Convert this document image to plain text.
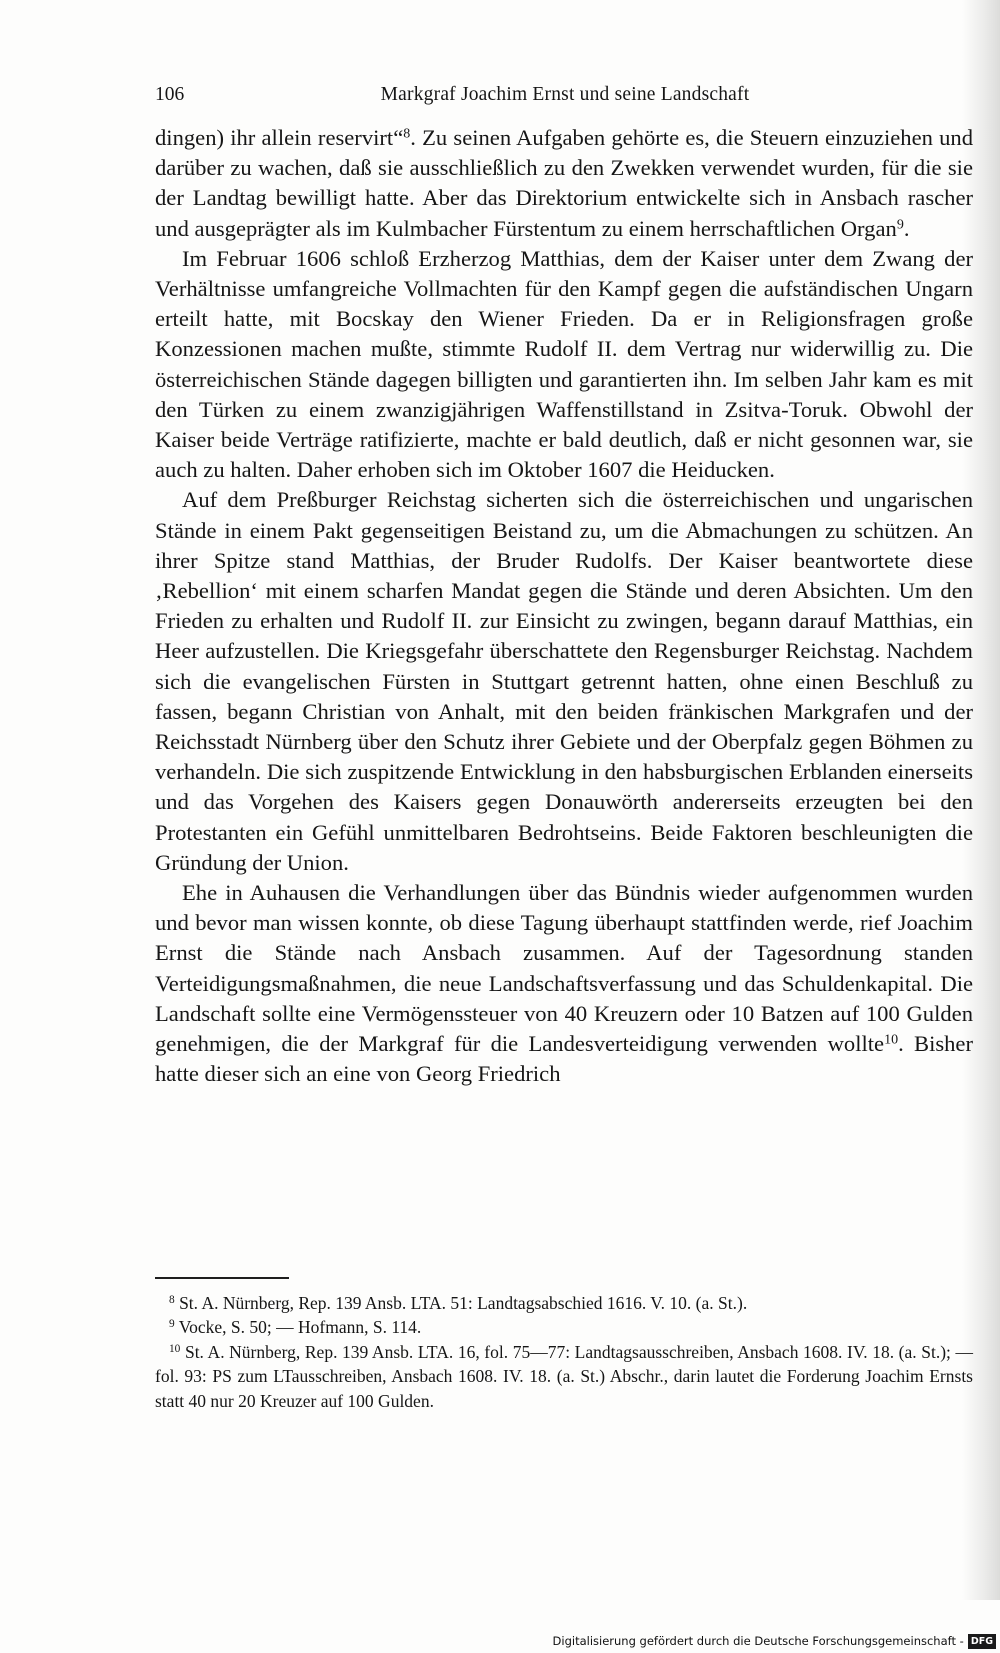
106	Markgraf Joachim Ernst und seine Landschaft

dingen) ihr allein reservirt“$^8$. Zu seinen Aufgaben gehörte es, die Steuern einzuziehen und darüber zu wachen, daß sie ausschließlich zu den Zwekken verwendet wurden, für die sie der Landtag bewilligt hatte. Aber das Direktorium entwickelte sich in Ansbach rascher und ausgeprägter als im Kulmbacher Fürstentum zu einem herrschaftlichen Organ$^9$.

Im Februar 1606 schloß Erzherzog Matthias, dem der Kaiser unter dem Zwang der Verhältnisse umfangreiche Vollmachten für den Kampf gegen die aufständischen Ungarn erteilt hatte, mit Bocskay den Wiener Frieden. Da er in Religionsfragen große Konzessionen machen mußte, stimmte Rudolf II. dem Vertrag nur widerwillig zu. Die österreichischen Stände dagegen billigten und garantierten ihn. Im selben Jahr kam es mit den Türken zu einem zwanzigjährigen Waffenstillstand in Zsitva-Toruk. Obwohl der Kaiser beide Verträge ratifizierte, machte er bald deutlich, daß er nicht gesonnen war, sie auch zu halten. Daher erhoben sich im Oktober 1607 die Heiducken.

Auf dem Preßburger Reichstag sicherten sich die österreichischen und ungarischen Stände in einem Pakt gegenseitigen Beistand zu, um die Abmachungen zu schützen. An ihrer Spitze stand Matthias, der Bruder Rudolfs. Der Kaiser beantwortete diese ‚Rebellion‘ mit einem scharfen Mandat gegen die Stände und deren Absichten. Um den Frieden zu erhalten und Rudolf II. zur Einsicht zu zwingen, begann darauf Matthias, ein Heer aufzustellen. Die Kriegsgefahr überschattete den Regensburger Reichstag. Nachdem sich die evangelischen Fürsten in Stuttgart getrennt hatten, ohne einen Beschluß zu fassen, begann Christian von Anhalt, mit den beiden fränkischen Markgrafen und der Reichsstadt Nürnberg über den Schutz ihrer Gebiete und der Oberpfalz gegen Böhmen zu verhandeln. Die sich zuspitzende Entwicklung in den habsburgischen Erblanden einerseits und das Vorgehen des Kaisers gegen Donauwörth andererseits erzeugten bei den Protestanten ein Gefühl unmittelbaren Bedrohtseins. Beide Faktoren beschleunigten die Gründung der Union.

Ehe in Auhausen die Verhandlungen über das Bündnis wieder aufgenommen wurden und bevor man wissen konnte, ob diese Tagung überhaupt stattfinden werde, rief Joachim Ernst die Stände nach Ansbach zusammen. Auf der Tagesordnung standen Verteidigungsmaßnahmen, die neue Landschaftsverfassung und das Schuldenkapital. Die Landschaft sollte eine Vermögenssteuer von 40 Kreuzern oder 10 Batzen auf 100 Gulden genehmigen, die der Markgraf für die Landesverteidigung verwenden wollte$^{10}$. Bisher hatte dieser sich an eine von Georg Friedrich

$^8$ St. A. Nürnberg, Rep. 139 Ansb. LTA. 51: Landtagsabschied 1616. V. 10. (a. St.).

$^9$ Vocke, S. 50; — Hofmann, S. 114.

$^{10}$ St. A. Nürnberg, Rep. 139 Ansb. LTA. 16, fol. 75—77: Landtagsausschreiben, Ansbach 1608. IV. 18. (a. St.); — fol. 93: PS zum LTausschreiben, Ansbach 1608. IV. 18. (a. St.) Abschr., darin lautet die Forderung Joachim Ernsts statt 40 nur 20 Kreuzer auf 100 Gulden.

Digitalisierung gefördert durch die Deutsche Forschungsgemeinschaft - DFG
